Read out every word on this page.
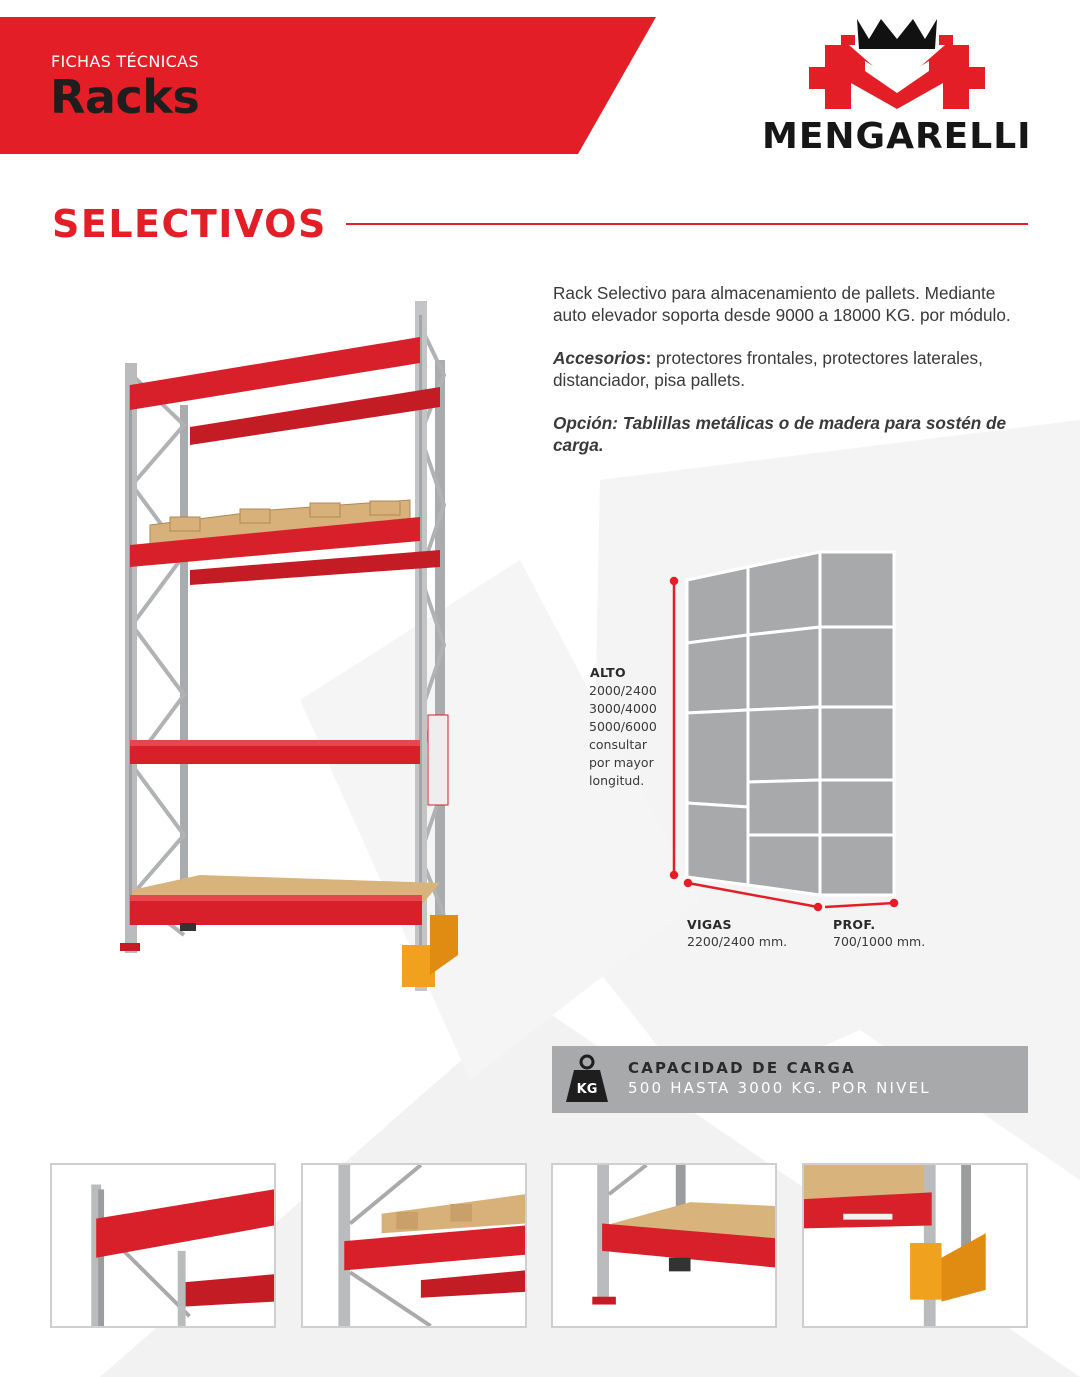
FICHAS TÉCNICAS
Racks
MENGARELLI
SELECTIVOS

Rack Selectivo para almacenamiento de pallets. Mediante auto elevador soporta desde 9000 a 18000 KG. por módulo.

Accesorios: protectores frontales, protectores laterales, distanciador, pisa pallets.

Opción: Tablillas metálicas o de madera para sostén de carga.

ALTO
2000/2400
3000/4000
5000/6000
consultar
por mayor
longitud.
VIGAS
2200/2400 mm.
PROF.
700/1000 mm.
KG
CAPACIDAD DE CARGA
500 HASTA 3000 KG. POR NIVEL
